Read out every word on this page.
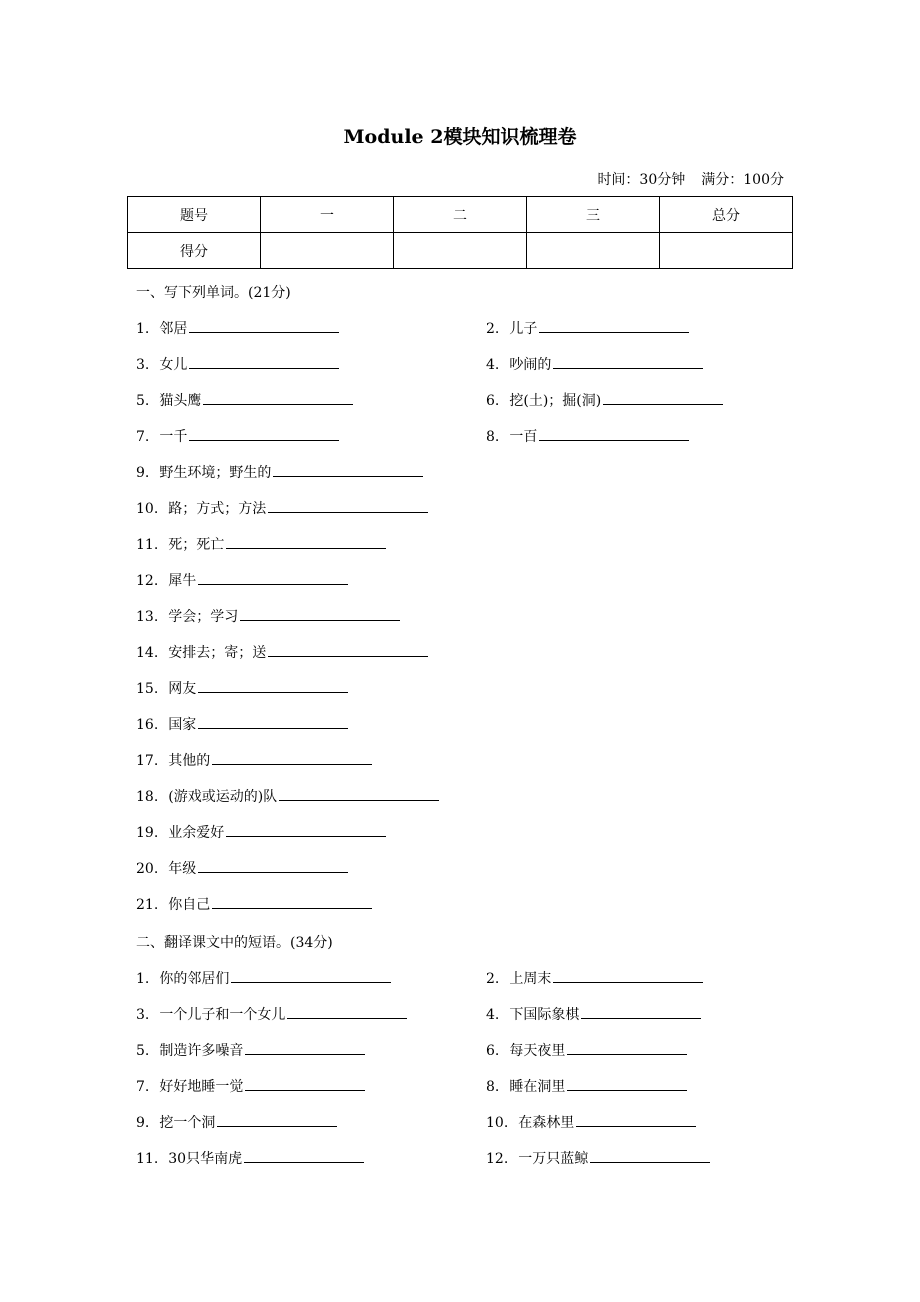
Module 2模块知识梳理卷
时间：30分钟 满分：100分
题号	一	二	三	总分
得分				
一、写下列单词。(21分)
1. 邻居	2. 儿子
3. 女儿	4. 吵闹的
5. 猫头鹰	6. 挖(土)；掘(洞)
7. 一千	8. 一百
9. 野生环境；野生的
10. 路；方式；方法
11. 死；死亡
12. 犀牛
13. 学会；学习
14. 安排去；寄；送
15. 网友
16. 国家
17. 其他的
18. (游戏或运动的)队
19. 业余爱好
20. 年级
21. 你自己
二、翻译课文中的短语。(34分)
1. 你的邻居们	2. 上周末
3. 一个儿子和一个女儿	4. 下国际象棋
5. 制造许多噪音	6. 每天夜里
7. 好好地睡一觉	8. 睡在洞里
9. 挖一个洞	10. 在森林里
11. 30只华南虎	12. 一万只蓝鲸
